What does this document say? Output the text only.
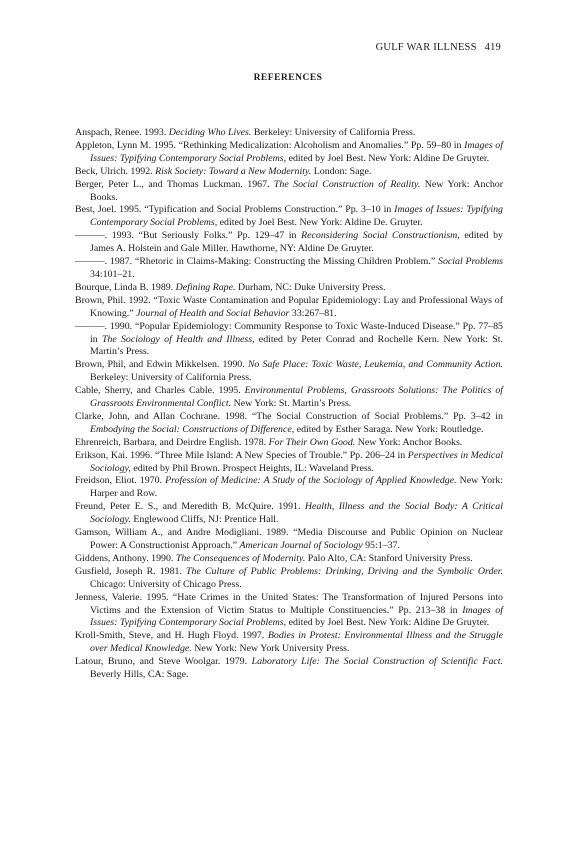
GULF WAR ILLNESS 419
REFERENCES

Anspach, Renee. 1993. Deciding Who Lives. Berkeley: University of California Press.

Appleton, Lynn M. 1995. “Rethinking Medicalization: Alcoholism and Anomalies.” Pp. 59–80 in Images of Issues: Typifying Contemporary Social Problems, edited by Joel Best. New York: Aldine De Gruyter.

Beck, Ulrich. 1992. Risk Society: Toward a New Modernity. London: Sage.

Berger, Peter L., and Thomas Luckman. 1967. The Social Construction of Reality. New York: Anchor Books.

Best, Joel. 1995. “Typification and Social Problems Construction.” Pp. 3–10 in Images of Issues: Typifying Contemporary Social Problems, edited by Joel Best. New York: Aldine De. Gruyter.

———. 1993. “But Seriously Folks.” Pp. 129–47 in Reconsidering Social Constructionism, edited by James A. Holstein and Gale Miller. Hawthorne, NY: Aldine De Gruyter.

———. 1987. “Rhetoric in Claims-Making: Constructing the Missing Children Problem.” Social Problems 34:101–21.

Bourque, Linda B. 1989. Defining Rape. Durham, NC: Duke University Press.

Brown, Phil. 1992. “Toxic Waste Contamination and Popular Epidemiology: Lay and Professional Ways of Knowing.” Journal of Health and Social Behavior 33:267–81.

———. 1990. “Popular Epidemiology: Community Response to Toxic Waste-Induced Disease.” Pp. 77–85 in The Sociology of Health and Illness, edited by Peter Conrad and Rochelle Kern. New York: St. Martin’s Press.

Brown, Phil, and Edwin Mikkelsen. 1990. No Safe Place: Toxic Waste, Leukemia, and Community Action. Berkeley: University of California Press.

Cable, Sherry, and Charles Cable. 1995. Environmental Problems, Grassroots Solutions: The Politics of Grassroots Environmental Conflict. New York: St. Martin’s Press.

Clarke, John, and Allan Cochrane. 1998. “The Social Construction of Social Problems.” Pp. 3–42 in Embodying the Social: Constructions of Difference, edited by Esther Saraga. New York: Routledge.

Ehrenreich, Barbara, and Deirdre English. 1978. For Their Own Good. New York: Anchor Books.

Erikson, Kai. 1996. “Three Mile Island: A New Species of Trouble.” Pp. 206–24 in Perspectives in Medical Sociology, edited by Phil Brown. Prospect Heights, IL: Waveland Press.

Freidson, Eliot. 1970. Profession of Medicine: A Study of the Sociology of Applied Knowledge. New York: Harper and Row.

Freund, Peter E. S., and Meredith B. McQuire. 1991. Health, Illness and the Social Body: A Critical Sociology. Englewood Cliffs, NJ: Prentice Hall.

Gamson, William A., and Andre Modigliani. 1989. “Media Discourse and Public Opinion on Nuclear Power: A Constructionist Approach.” American Journal of Sociology 95:1–37.

Giddens, Anthony. 1990. The Consequences of Modernity. Palo Alto, CA: Stanford University Press.

Gusfield, Joseph R. 1981. The Culture of Public Problems: Drinking, Driving and the Symbolic Order. Chicago: University of Chicago Press.

Jenness, Valerie. 1995. “Hate Crimes in the United States: The Transformation of Injured Persons into Victims and the Extension of Victim Status to Multiple Constituencies.” Pp. 213–38 in Images of Issues: Typifying Contemporary Social Problems, edited by Joel Best. New York: Aldine De Gruyter.

Kroll-Smith, Steve, and H. Hugh Floyd. 1997. Bodies in Protest: Environmental Illness and the Struggle over Medical Knowledge. New York: New York University Press.

Latour, Bruno, and Steve Woolgar. 1979. Laboratory Life: The Social Construction of Scientific Fact. Beverly Hills, CA: Sage.
